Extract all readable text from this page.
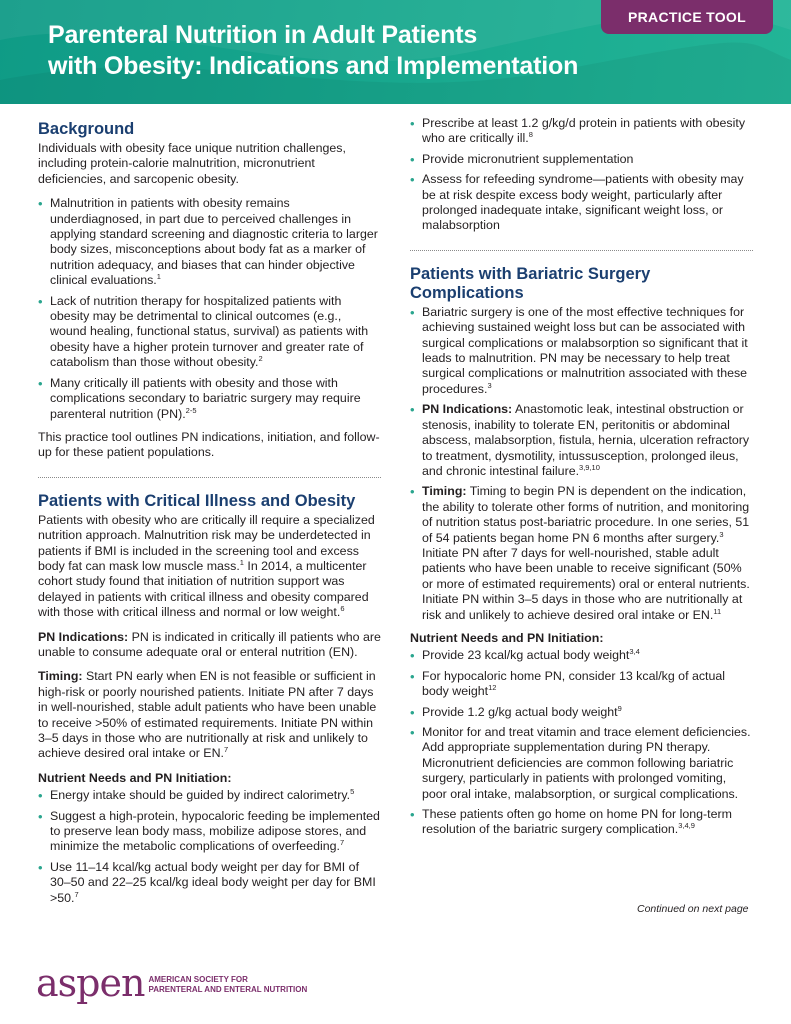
PRACTICE TOOL
Parenteral Nutrition in Adult Patients
with Obesity: Indications and Implementation
Background

Individuals with obesity face unique nutrition challenges, including protein-calorie malnutrition, micronutrient deficiencies, and sarcopenic obesity.

• Malnutrition in patients with obesity remains underdiagnosed, in part due to perceived challenges in applying standard screening and diagnostic criteria to larger body sizes, misconceptions about body fat as a marker of nutrition adequacy, and biases that can hinder objective clinical evaluations.$^1$
• Lack of nutrition therapy for hospitalized patients with obesity may be detrimental to clinical outcomes (e.g., wound healing, functional status, survival) as patients with obesity have a higher protein turnover and greater rate of catabolism than those without obesity.$^2$
• Many critically ill patients with obesity and those with complications secondary to bariatric surgery may require parenteral nutrition (PN).$^{2-5}$

This practice tool outlines PN indications, initiation, and follow-up for these patient populations.

Patients with Critical Illness and Obesity

Patients with obesity who are critically ill require a specialized nutrition approach. Malnutrition risk may be underdetected in patients if BMI is included in the screening tool and excess body fat can mask low muscle mass.$^1$ In 2014, a multicenter cohort study found that initiation of nutrition support was delayed in patients with critical illness and obesity compared with those with critical illness and normal or low weight.$^6$

PN Indications: PN is indicated in critically ill patients who are unable to consume adequate oral or enteral nutrition (EN).

Timing: Start PN early when EN is not feasible or sufficient in high-risk or poorly nourished patients. Initiate PN after 7 days in well-nourished, stable adult patients who have been unable to receive >50% of estimated requirements. Initiate PN within 3–5 days in those who are nutritionally at risk and unlikely to achieve desired oral intake or EN.$^7$

Nutrient Needs and PN Initiation:
• Energy intake should be guided by indirect calorimetry.$^5$
• Suggest a high-protein, hypocaloric feeding be implemented to preserve lean body mass, mobilize adipose stores, and minimize the metabolic complications of overfeeding.$^7$
• Use 11–14 kcal/kg actual body weight per day for BMI of 30–50 and 22–25 kcal/kg ideal body weight per day for BMI >50.$^7$
• Prescribe at least 1.2 g/kg/d protein in patients with obesity who are critically ill.$^8$
• Provide micronutrient supplementation
• Assess for refeeding syndrome—patients with obesity may be at risk despite excess body weight, particularly after prolonged inadequate intake, significant weight loss, or malabsorption
Patients with Bariatric Surgery
Complications
• Bariatric surgery is one of the most effective techniques for achieving sustained weight loss but can be associated with surgical complications or malabsorption so significant that it leads to malnutrition. PN may be necessary to help treat surgical complications or malnutrition associated with these procedures.$^3$
• PN Indications: Anastomotic leak, intestinal obstruction or stenosis, inability to tolerate EN, peritonitis or abdominal abscess, malabsorption, fistula, hernia, ulceration refractory to treatment, dysmotility, intussusception, prolonged ileus, and chronic intestinal failure.$^{3,9,10}$
• Timing: Timing to begin PN is dependent on the indication, the ability to tolerate other forms of nutrition, and monitoring of nutrition status post-bariatric procedure. In one series, 51 of 54 patients began home PN 6 months after surgery.$^3$ Initiate PN after 7 days for well-nourished, stable adult patients who have been unable to receive significant (50% or more of estimated requirements) oral or enteral nutrients. Initiate PN within 3–5 days in those who are nutritionally at risk and unlikely to achieve desired oral intake or EN.$^{11}$
Nutrient Needs and PN Initiation:
• Provide 23 kcal/kg actual body weight$^{3,4}$
• For hypocaloric home PN, consider 13 kcal/kg of actual body weight$^{12}$
• Provide 1.2 g/kg actual body weight$^9$
• Monitor for and treat vitamin and trace element deficiencies. Add appropriate supplementation during PN therapy. Micronutrient deficiencies are common following bariatric surgery, particularly in patients with prolonged vomiting, poor oral intake, malabsorption, or surgical complications.
• These patients often go home on home PN for long-term resolution of the bariatric surgery complication.$^{3,4,9}$
Continued on next page
aspen AMERICAN SOCIETY FOR
PARENTERAL AND ENTERAL NUTRITION
